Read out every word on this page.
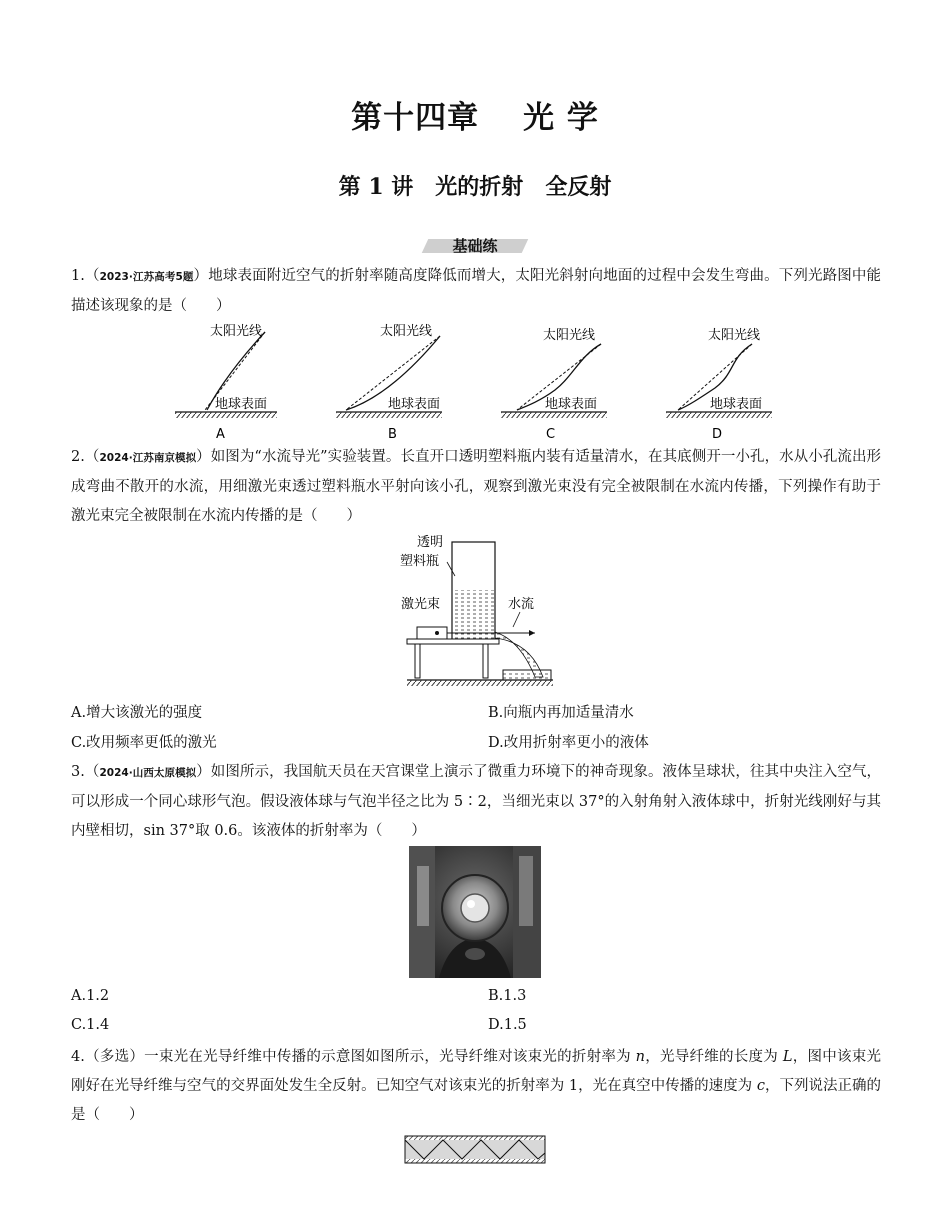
第十四章 光 学
第 1 讲 光的折射 全反射
基础练
1.（2023·江苏高考5题）地球表面附近空气的折射率随高度降低而增大，太阳光斜射向地面的过程中会发生弯曲。下列光路图中能描述该现象的是（　　）
太阳光线
地球表面
A
太阳光线
地球表面
B
太阳光线
地球表面
C
太阳光线
地球表面
D
2.（2024·江苏南京模拟）如图为“水流导光”实验装置。长直开口透明塑料瓶内装有适量清水，在其底侧开一小孔，水从小孔流出形成弯曲不散开的水流，用细激光束透过塑料瓶水平射向该小孔，观察到激光束没有完全被限制在水流内传播，下列操作有助于激光束完全被限制在水流内传播的是（　　）
透明
塑料瓶
激光束	水流
A.增大该激光的强度	B.向瓶内再加适量清水
C.改用频率更低的激光	D.改用折射率更小的液体
3.（2024·山西太原模拟）如图所示，我国航天员在天宫课堂上演示了微重力环境下的神奇现象。液体呈球状，往其中央注入空气，可以形成一个同心球形气泡。假设液体球与气泡半径之比为 5∶2，当细光束以 37°的入射角射入液体球中，折射光线刚好与其内壁相切，sin 37°取 0.6。该液体的折射率为（　　）
A.1.2	B.1.3
C.1.4	D.1.5
4.（多选）一束光在光导纤维中传播的示意图如图所示，光导纤维对该束光的折射率为 n，光导纤维的长度为 L，图中该束光刚好在光导纤维与空气的交界面处发生全反射。已知空气对该束光的折射率为 1，光在真空中传播的速度为 c，下列说法正确的是（　　）
